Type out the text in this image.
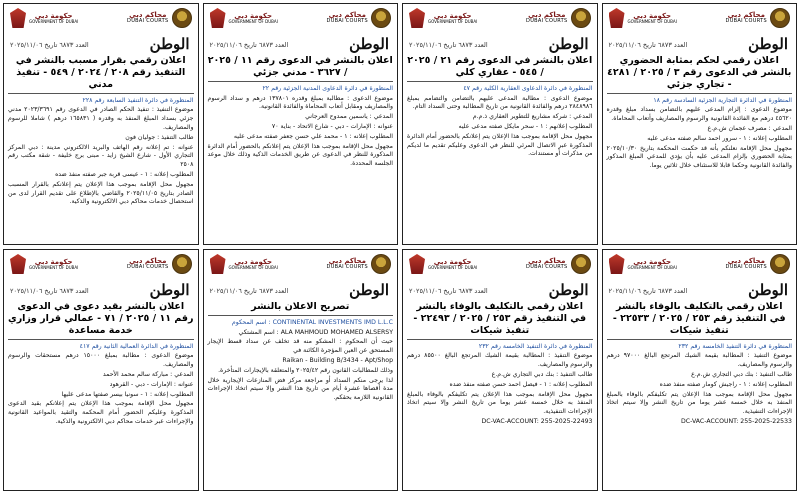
محاكم دبي
DUBAI COURTS
حكومة دبي
GOVERNMENT OF DUBAI
الوطن
العدد ٦٨٧٣ تاريخ ٢٠٢٥/١١/٠٦
اعلان رقمي بقرار مسبب بالنشر في التنفيذ رقم ٢٠٨ / ٢٠٢٤ / ٥٤٩ - تنفيذ مدني

المنظورة في دائرة التنفيذ السابعة رقم ٢٢٨

موضوع التنفيذ : تنفيذ الحكم الصادر في الدعوى رقم ٢٠٢٣/٣٦٩١ مدني جزئي بسداد المبلغ المنفذ به وقدره ( ١٦٥٨٣١ درهم ) شاملا للرسوم والمصاريف.

طالب التنفيذ : جوليان فون

عنوانه : تم إعلانه رقم الهاتف والبريد الالكتروني مدينة : دبي المركز التجاري الأول - شارع الشيخ زايد - مبنى برج خليفة - شقة مكتب رقم ٢٥٠٨

المطلوب إعلانه : ١ - عيسى قربة جبر صفته منفذ ضده

مجهول محل الإقامة بموجب هذا الإعلان يتم إعلانكم بالقرار المسبب الصادر بتاريخ ٢٠٢٥/١١/٠٥ والقاضي بالإطلاع على تقديم القرار لدى من استحصال خدمات محاكم دبي الالكترونية والذكية.

محاكم دبي
DUBAI COURTS
حكومة دبي
GOVERNMENT OF DUBAI
الوطن
العدد ٦٨٧٣ تاريخ ٢٠٢٥/١١/٠٦
اعلان بالنشر في الدعوى رقم ١١ / ٢٠٢٥ / ٣٦٢٧ - مدني جزئي

المنظورة في دائرة الدعاوى المدنية الجزئية رقم ٢٢

موضوع الدعوى : مطالبة بمبلغ وقدره ١٣٧٨٠١ درهم و سداد الرسوم والمصاريف ومقابل أتعاب المحاماة والفائدة القانونية.

المدعي : ياسمين ممدوح العرجاني

عنوانه : الإمارات - دبي - شارع الاتحاد - بناية ٧٠

المطلوب إعلانه : ١ - محمد علي حسن جعفر صفته مدعى عليه

مجهول محل الإقامة بموجب هذا الإعلان يتم إعلانكم بالحضور أمام الدائرة المذكورة للنظر في الدعوى عن طريق الخدمات الذكية وذلك خلال موعد الجلسة المحددة.

محاكم دبي
DUBAI COURTS
حكومة دبي
GOVERNMENT OF DUBAI
الوطن
العدد ٦٨٧٣ تاريخ ٢٠٢٥/١١/٠٦
اعلان بالنشر في الدعوى رقم ٢١ / ٢٠٢٥ / ٥٤٥ - عقاري كلي

المنظورة في دائرة الدعاوى العقارية الكلية رقم ٤٧

موضوع الدعوى : مطالبة المدعى عليهم بالتضامن والتضامم بمبلغ ٢٨٤٨٩٨٦ درهم والفائدة القانونية من تاريخ المطالبة وحتى السداد التام.

المدعي : شركة مشاريع للتطوير العقاري ذ.م.م

المطلوب إعلانهم : ١ - سحر مايكل صفته مدعى عليه

مجهول محل الإقامة بموجب هذا الإعلان يتم إعلانكم بالحضور أمام الدائرة المذكورة عبر الاتصال المرئي للنظر في الدعوى وعليكم تقديم ما لديكم من مذكرات أو مستندات.

محاكم دبي
DUBAI COURTS
حكومة دبي
GOVERNMENT OF DUBAI
الوطن
العدد ٦٨٧٣ تاريخ ٢٠٢٥/١١/٠٦
اعلان رقمي لحكم بمثابة الحضوري بالنشر في الدعوى رقم ٣ / ٢٠٢٥ / ٤٢٨١ - تجاري جزئي

المنظورة في الدائرة التجارية الجزئية السادسة رقم ١٨

موضوع الدعوى : إلزام المدعى عليهم بالتضامن بسداد مبلغ وقدره ٤٥٦٢٠ درهم مع الفائدة القانونية والرسوم والمصاريف وأتعاب المحاماة.

المدعي : مصرف عجمان ش.م.ع

المطلوب إعلانه : ١ - سرور احمد سالم صفته مدعى عليه

مجهول محل الإقامة نعلنكم بأنه قد حكمت المحكمة بتاريخ ٢٠٢٥/١٠/٣٠ بمثابة الحضوري بإلزام المدعى عليه بأن يؤدي للمدعي المبلغ المذكور والفائدة القانونية وحكما قابلا للاستئناف خلال ثلاثين يوما.

محاكم دبي
DUBAI COURTS
حكومة دبي
GOVERNMENT OF DUBAI
الوطن
العدد ٦٨٧٣ تاريخ ٢٠٢٥/١١/٠٦
اعلان بالنشر بقيد دعوى في الدعوى رقم ١١ / ٢٠٢٥ / ٧١ - عمالي قرار وزاري خدمة مساعدة

المنظورة في الدائرة العمالية الثانية رقم ٤١٧

موضوع الدعوى : مطالبة بمبلغ ١٥٠٠٠ درهم مستحقات والرسوم والمصاريف.

المدعي : مباركة سالم محمد الأحمد

عنوانه : الإمارات - دبي - القرهود

المطلوب إعلانه : ١ - سونيا بيسر صفتها مدعى عليها

مجهول محل الإقامة بموجب هذا الإعلان يتم إعلانكم بقيد الدعوى المذكورة وعليكم الحضور أمام المحكمة والتقيد بالمواعيد القانونية والإجراءات عبر خدمات محاكم دبي الالكترونية والذكية.

محاكم دبي
DUBAI COURTS
حكومة دبي
GOVERNMENT OF DUBAI
الوطن
العدد ٦٨٧٣ تاريخ ٢٠٢٥/١١/٠٦
تصريح الاعلان بالنشر

CONTINENTAL INVESTMENTS IMD L.L.C : اسم المحكوم

ALA MAHMOUD MOHAMED ALSERSY : اسم المشتكي

حيث أن المحكوم : المشكو منه قد تخلف عن سداد قسط الإيجار المستحق عن العين المؤجرة الكائنة في

Raikan - Building B/3434 - Apt/Shop

وذلك للمطالبات القانون رقم ٢٠٢٥/٤٢ والمتعلقة بالإيجارات المتأخرة.

لذا يرجى منكم السداد أو مراجعة مركز فض المنازعات الإيجارية خلال مدة أقصاها عشرة أيام من تاريخ هذا النشر وإلا سيتم اتخاذ الإجراءات القانونية اللازمة بحقكم.

محاكم دبي
DUBAI COURTS
حكومة دبي
GOVERNMENT OF DUBAI
الوطن
العدد ٦٨٧٣ تاريخ ٢٠٢٥/١١/٠٦
اعلان رقمي بالتكليف بالوفاء بالنشر في التنفيذ رقم ٢٥٣ / ٢٠٢٥ / ٢٢٤٩٣ - تنفيذ شيكات

المنظورة في دائرة التنفيذ الخامسة رقم ٢٣٢

موضوع التنفيذ : المطالبة بقيمة الشيك المرتجع البالغ ٨٥٥٠٠ درهم والرسوم والمصاريف.

طالب التنفيذ : بنك دبي التجاري ش.م.ع

المطلوب إعلانه : ١ - فيصل احمد حسن صفته منفذ ضده

مجهول محل الإقامة بموجب هذا الإعلان يتم تكليفكم بالوفاء بالمبلغ المنفذ به خلال خمسة عشر يوما من تاريخ النشر وإلا سيتم اتخاذ الإجراءات التنفيذية.

DC-VAC-ACCOUNT: 255-2025-22493

محاكم دبي
DUBAI COURTS
حكومة دبي
GOVERNMENT OF DUBAI
الوطن
العدد ٦٨٧٣ تاريخ ٢٠٢٥/١١/٠٦
اعلان رقمي بالتكليف بالوفاء بالنشر في التنفيذ رقم ٢٥٣ / ٢٠٢٥ / ٢٢٥٣٣ - تنفيذ شيكات

المنظورة في دائرة التنفيذ الخامسة رقم ٢٣٢

موضوع التنفيذ : المطالبة بقيمة الشيك المرتجع البالغ ٩٧٠٠٠ درهم والرسوم والمصاريف.

طالب التنفيذ : بنك دبي التجاري ش.م.ع

المطلوب إعلانه : ١ - راجيش كومار صفته منفذ ضده

مجهول محل الإقامة بموجب هذا الإعلان يتم تكليفكم بالوفاء بالمبلغ المنفذ به خلال خمسة عشر يوما من تاريخ النشر وإلا سيتم اتخاذ الإجراءات التنفيذية.

DC-VAC-ACCOUNT: 255-2025-22533
